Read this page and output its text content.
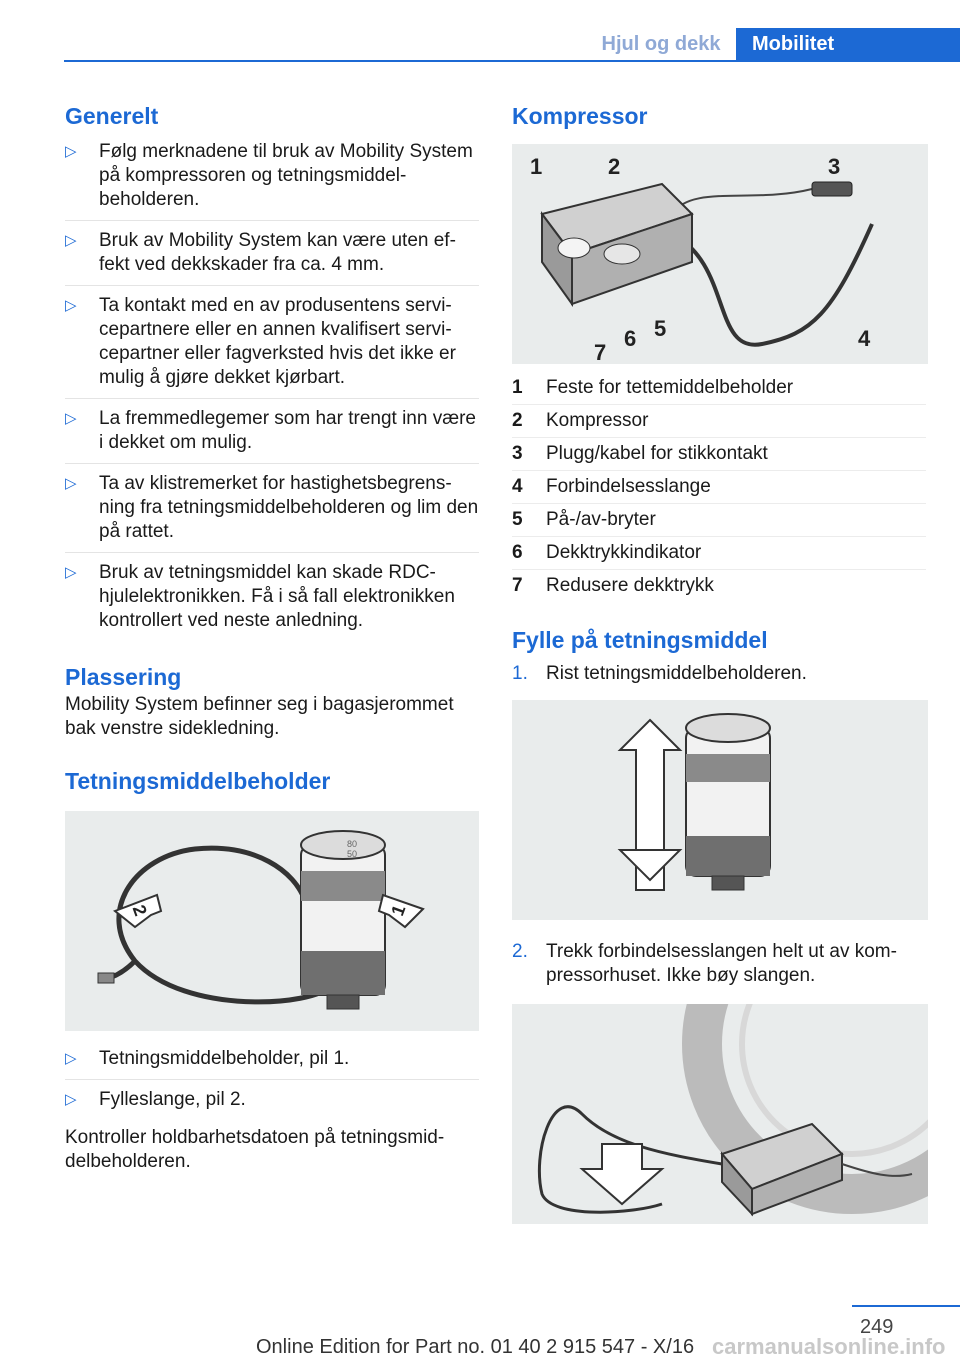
Hjul og dekk	Mobilitet
Generelt
▷ Følg merknadene til bruk av Mobility System på kompressoren og tetningsmiddelbeholderen.
▷ Bruk av Mobility System kan være uten effekt ved dekkskader fra ca. 4 mm.
▷ Ta kontakt med en av produsentens servicepartnere eller en annen kvalifisert servicepartner eller fagverksted hvis det ikke er mulig å gjøre dekket kjørbart.
▷ La fremmedlegemer som har trengt inn være i dekket om mulig.
▷ Ta av klistremerket for hastighetsbegrensning fra tetningsmiddelbeholderen og lim den på rattet.
▷ Bruk av tetningsmiddel kan skade RDC-hjulelektronikken. Få i så fall elektronikken kontrollert ved neste anledning.
Plassering

Mobility System befinner seg i bagasjerommet bak venstre sidekledning.

Tetningsmiddelbeholder
80
50
2	1
▷ Tetningsmiddelbeholder, pil 1.
▷ Fylleslange, pil 2.

Kontroller holdbarhetsdatoen på tetningsmiddelbeholderen.

Kompressor
1	2	3
4
5
6
7
1	Feste for tettemiddelbeholder
2	Kompressor
3	Plugg/kabel for stikkontakt
4	Forbindelsesslange
5	På-/av-bryter
6	Dekktrykkindikator
7	Redusere dekktrykk
Fylle på tetningsmiddel
1. Rist tetningsmiddelbeholderen.
2. Trekk forbindelsesslangen helt ut av kompressorhuset. Ikke bøy slangen.
249
Online Edition for Part no. 01 40 2 915 547 - X/16 carmanualsonline.info
